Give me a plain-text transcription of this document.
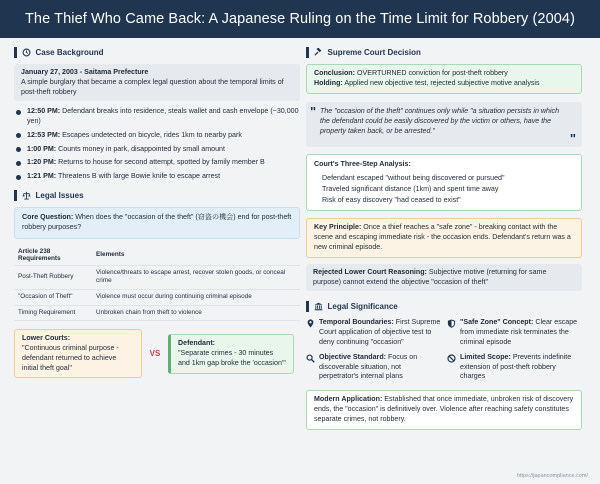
The Thief Who Came Back: A Japanese Ruling on the Time Limit for Robbery (2004)
Case Background
January 27, 2003 - Saitama Prefecture
A simple burglary that became a complex legal question about the temporal limits of post-theft robbery
12:50 PM: Defendant breaks into residence, steals wallet and cash envelope (~30,000 yen)
12:53 PM: Escapes undetected on bicycle, rides 1km to nearby park
1:00 PM: Counts money in park, disappointed by small amount
1:20 PM: Returns to house for second attempt, spotted by family member B
1:21 PM: Threatens B with large Bowie knife to escape arrest
Legal Issues
Core Question: When does the "occasion of the theft" (窃盗の機会) end for post-theft robbery purposes?
Article 238 Requirements	Elements
Post-Theft Robbery	Violence/threats to escape arrest, recover stolen goods, or conceal crime
"Occasion of Theft"	Violence must occur during continuing criminal episode
Timing Requirement	Unbroken chain from theft to violence
Lower Courts:
"Continuous criminal purpose - defendant returned to achieve initial theft goal"
VS
Defendant:
"Separate crimes - 30 minutes and 1km gap broke the 'occasion'"
Supreme Court Decision
Conclusion: OVERTURNED conviction for post-theft robbery
Holding: Applied new objective test, rejected subjective motive analysis
" The "occasion of the theft" continues only while "a situation persists in which the defendant could be easily discovered by the victim or others, have the property taken back, or be arrested."
"
Court's Three-Step Analysis:
Defendant escaped "without being discovered or pursued"
Traveled significant distance (1km) and spent time away
Risk of easy discovery "had ceased to exist"
Key Principle: Once a thief reaches a "safe zone" - breaking contact with the scene and escaping immediate risk - the occasion ends. Defendant's return was a new criminal episode.
Rejected Lower Court Reasoning: Subjective motive (returning for same purpose) cannot extend the objective "occasion of theft"
Legal Significance
Temporal Boundaries: First Supreme Court application of objective test to deny continuing "occasion"
"Safe Zone" Concept: Clear escape from immediate risk terminates the criminal episode
Objective Standard: Focus on discoverable situation, not perpetrator's internal plans
Limited Scope: Prevents indefinite extension of post-theft robbery charges
Modern Application: Established that once immediate, unbroken risk of discovery ends, the "occasion" is definitively over. Violence after reaching safety constitutes separate crimes, not robbery.
https://japancompliance.com/
